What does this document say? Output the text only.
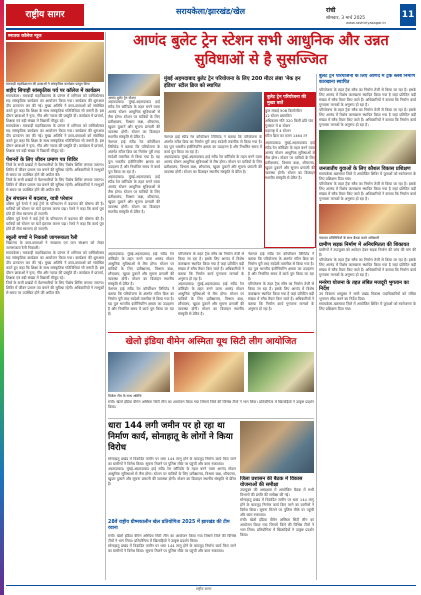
राष्ट्रीय सागर	सरायकेला/झारखंड/खेल	रांची
सोमवार, 3 मार्च 2025
www.rashtriyasagar.in
11
स्नातक कॉलेज न्यूज
मारवाड़ी महाविद्यालय की छात्राओं ने सांस्कृतिक कार्यक्रम प्रस्तुत किया
शहीद सिपाही सांस्कृतिक पर्व पर कॉलेज में कार्यक्रम
सरायकेला। मारवाड़ी महाविद्यालय के प्रांगण में शनिवार को वार्षिकोत्सव सह सांस्कृतिक कार्यक्रम का आयोजन किया गया। कार्यक्रम की शुरुआत दीप प्रज्वलन कर की गई। मुख्य अतिथि ने छात्र-छात्राओं को संबोधित करते हुए कहा कि शिक्षा के साथ सांस्कृतिक गतिविधियां भी जरूरी हैं। इस दौरान छात्राओं ने नृत्य, गीत और नाटक की प्रस्तुति दी। कार्यक्रम में प्राचार्य, शिक्षक एवं बड़ी संख्या में विद्यार्थी मौजूद रहे।
सरायकेला। मारवाड़ी महाविद्यालय के प्रांगण में शनिवार को वार्षिकोत्सव सह सांस्कृतिक कार्यक्रम का आयोजन किया गया। कार्यक्रम की शुरुआत दीप प्रज्वलन कर की गई। मुख्य अतिथि ने छात्र-छात्राओं को संबोधित करते हुए कहा कि शिक्षा के साथ सांस्कृतिक गतिविधियां भी जरूरी हैं। इस दौरान छात्राओं ने नृत्य, गीत और नाटक की प्रस्तुति दी। कार्यक्रम में प्राचार्य, शिक्षक एवं बड़ी संख्या में विद्यार्थी मौजूद रहे।
पेंशनरों के लिए जीवन प्रमाण पत्र शिविर
जिले के सभी प्रखंडों में पेंशनधारियों के लिए विशेष शिविर लगाया जाएगा। शिविर में जीवन प्रमाण पत्र बनाने की सुविधा रहेगी। अधिकारियों ने लाभुकों से समय पर उपस्थित होने की अपील की।
जिले के सभी प्रखंडों में पेंशनधारियों के लिए विशेष शिविर लगाया जाएगा। शिविर में जीवन प्रमाण पत्र बनाने की सुविधा रहेगी। अधिकारियों ने लाभुकों से समय पर उपस्थित होने की अपील की।
ट्रेन संचालन में बदलाव, यात्री परेशान
दक्षिण पूर्व रेलवे ने कई ट्रेनों के परिचालन में बदलाव की घोषणा की है। यात्रियों को स्टेशन पर घंटों इंतजार करना पड़ा। रेलवे ने कहा कि कार्य पूरा होते ही सेवा सामान्य हो जाएगी।
दक्षिण पूर्व रेलवे ने कई ट्रेनों के परिचालन में बदलाव की घोषणा की है। यात्रियों को स्टेशन पर घंटों इंतजार करना पड़ा। रेलवे ने कहा कि कार्य पूरा होते ही सेवा सामान्य हो जाएगी।
स्कूली बच्चों ने निकाली जागरूकता रैली
विद्यालय के छात्र-छात्राओं ने स्वच्छता एवं जल संरक्षण को लेकर जागरूकता रैली निकाली।
सरायकेला। मारवाड़ी महाविद्यालय के प्रांगण में शनिवार को वार्षिकोत्सव सह सांस्कृतिक कार्यक्रम का आयोजन किया गया। कार्यक्रम की शुरुआत दीप प्रज्वलन कर की गई। मुख्य अतिथि ने छात्र-छात्राओं को संबोधित करते हुए कहा कि शिक्षा के साथ सांस्कृतिक गतिविधियां भी जरूरी हैं। इस दौरान छात्राओं ने नृत्य, गीत और नाटक की प्रस्तुति दी। कार्यक्रम में प्राचार्य, शिक्षक एवं बड़ी संख्या में विद्यार्थी मौजूद रहे।
जिले के सभी प्रखंडों में पेंशनधारियों के लिए विशेष शिविर लगाया जाएगा। शिविर में जीवन प्रमाण पत्र बनाने की सुविधा रहेगी। अधिकारियों ने लाभुकों से समय पर उपस्थित होने की अपील की।
आणंद बुलेट ट्रेन स्टेशन सभी आधुनिक और उन्नत सुविधाओं से है सुसज्जित
आणंद बुलेट ट्रेन स्टेशन
अहमदाबाद। मुंबई-अहमदाबाद हाई स्पीड रेल कॉरिडोर के तहत बनने वाला आणंद स्टेशन आधुनिक सुविधाओं से लैस होगा। स्टेशन पर यात्रियों के लिए प्रतीक्षालय, विश्राम कक्ष, शौचालय, खुदरा दुकानें और सूचना प्रणाली की व्यवस्था होगी। स्टेशन का डिजाइन स्थानीय संस्कृति से प्रेरित है।
नेशनल हाई स्पीड रेल कॉर्पोरेशन लिमिटेड ने बताया कि परियोजना के अंतर्गत स्टील ब्रिज का निर्माण पूरी तरह स्वदेशी तकनीक से किया गया है। यह पुल भारतीय इंजीनियरिंग क्षमता का उदाहरण है और निर्धारित समय में कार्य पूरा किया जा रहा है।
अहमदाबाद। मुंबई-अहमदाबाद हाई स्पीड रेल कॉरिडोर के तहत बनने वाला आणंद स्टेशन आधुनिक सुविधाओं से लैस होगा। स्टेशन पर यात्रियों के लिए प्रतीक्षालय, विश्राम कक्ष, शौचालय, खुदरा दुकानें और सूचना प्रणाली की व्यवस्था होगी। स्टेशन का डिजाइन स्थानीय संस्कृति से प्रेरित है।
मुंबई अहमदाबाद बुलेट ट्रेन परियोजना के लिए 200 मीटर लंबा 'मेक इन इंडिया' स्टील ब्रिज को स्थापित
नेशनल हाई स्पीड रेल कॉर्पोरेशन लिमिटेड ने बताया कि परियोजना के अंतर्गत स्टील ब्रिज का निर्माण पूरी तरह स्वदेशी तकनीक से किया गया है। यह पुल भारतीय इंजीनियरिंग क्षमता का उदाहरण है और निर्धारित समय में कार्य पूरा किया जा रहा है।
अहमदाबाद। मुंबई-अहमदाबाद हाई स्पीड रेल कॉरिडोर के तहत बनने वाला आणंद स्टेशन आधुनिक सुविधाओं से लैस होगा। स्टेशन पर यात्रियों के लिए प्रतीक्षालय, विश्राम कक्ष, शौचालय, खुदरा दुकानें और सूचना प्रणाली की व्यवस्था होगी। स्टेशन का डिजाइन स्थानीय संस्कृति से प्रेरित है।
बुलेट ट्रेन परियोजना की मुख्य बातें
कुल लंबाई 508 किलोमीटर
12 स्टेशन प्रस्तावित
अधिकतम गति 320 किमी प्रति घंटा
गुजरात में 8 स्टेशन
महाराष्ट्र में 4 स्टेशन
स्टील ब्रिज का वजन 1464 टन
अहमदाबाद। मुंबई-अहमदाबाद हाई स्पीड रेल कॉरिडोर के तहत बनने वाला आणंद स्टेशन आधुनिक सुविधाओं से लैस होगा। स्टेशन पर यात्रियों के लिए प्रतीक्षालय, विश्राम कक्ष, शौचालय, खुदरा दुकानें और सूचना प्रणाली की व्यवस्था होगी। स्टेशन का डिजाइन स्थानीय संस्कृति से प्रेरित है।
बुलेट ट्रेन परियोजना के लिए आणंद में ट्रैक स्लैब निर्माण कारखाना स्थापित
परियोजना के तहत ट्रैक स्लैब का निर्माण तेजी से किया जा रहा है। इसके लिए आणंद में विशेष कारखाना स्थापित किया गया है जहां प्रतिदिन बड़ी संख्या में स्लैब तैयार किए जाते हैं। अधिकारियों ने बताया कि निर्माण कार्य गुणवत्ता मानकों के अनुरूप हो रहा है।
परियोजना के तहत ट्रैक स्लैब का निर्माण तेजी से किया जा रहा है। इसके लिए आणंद में विशेष कारखाना स्थापित किया गया है जहां प्रतिदिन बड़ी संख्या में स्लैब तैयार किए जाते हैं। अधिकारियों ने बताया कि निर्माण कार्य गुणवत्ता मानकों के अनुरूप हो रहा है।
जनजातीय युवाओं के लिए कौशल विकास प्रशिक्षण
सरायकेला-खरसावां जिले में आयोजित शिविर में युवाओं को स्वरोजगार के लिए प्रशिक्षण दिया गया।
परियोजना के तहत ट्रैक स्लैब का निर्माण तेजी से किया जा रहा है। इसके लिए आणंद में विशेष कारखाना स्थापित किया गया है जहां प्रतिदिन बड़ी संख्या में स्लैब तैयार किए जाते हैं। अधिकारियों ने बताया कि निर्माण कार्य गुणवत्ता मानकों के अनुरूप हो रहा है।
पंचायत प्रतिनिधियों के साथ बैठक करते अधिकारी
ग्रामीण सड़क निर्माण में अनियमितता की शिकायत
ग्रामीणों ने उपायुक्त को आवेदन देकर सड़क निर्माण की जांच की मांग की है।
परियोजना के तहत ट्रैक स्लैब का निर्माण तेजी से किया जा रहा है। इसके लिए आणंद में विशेष कारखाना स्थापित किया गया है जहां प्रतिदिन बड़ी संख्या में स्लैब तैयार किए जाते हैं। अधिकारियों ने बताया कि निर्माण कार्य गुणवत्ता मानकों के अनुरूप हो रहा है।
मनरेगा योजना के तहत लंबित मजदूरी भुगतान का निर्देश
उप विकास आयुक्त ने सभी प्रखंड विकास पदाधिकारियों को लंबित भुगतान शीघ्र करने का निर्देश दिया।
सरायकेला-खरसावां जिले में आयोजित शिविर में युवाओं को स्वरोजगार के लिए प्रशिक्षण दिया गया।
अहमदाबाद। मुंबई-अहमदाबाद हाई स्पीड रेल कॉरिडोर के तहत बनने वाला आणंद स्टेशन आधुनिक सुविधाओं से लैस होगा। स्टेशन पर यात्रियों के लिए प्रतीक्षालय, विश्राम कक्ष, शौचालय, खुदरा दुकानें और सूचना प्रणाली की व्यवस्था होगी। स्टेशन का डिजाइन स्थानीय संस्कृति से प्रेरित है।
नेशनल हाई स्पीड रेल कॉर्पोरेशन लिमिटेड ने बताया कि परियोजना के अंतर्गत स्टील ब्रिज का निर्माण पूरी तरह स्वदेशी तकनीक से किया गया है। यह पुल भारतीय इंजीनियरिंग क्षमता का उदाहरण है और निर्धारित समय में कार्य पूरा किया जा रहा है।
परियोजना के तहत ट्रैक स्लैब का निर्माण तेजी से किया जा रहा है। इसके लिए आणंद में विशेष कारखाना स्थापित किया गया है जहां प्रतिदिन बड़ी संख्या में स्लैब तैयार किए जाते हैं। अधिकारियों ने बताया कि निर्माण कार्य गुणवत्ता मानकों के अनुरूप हो रहा है।
अहमदाबाद। मुंबई-अहमदाबाद हाई स्पीड रेल कॉरिडोर के तहत बनने वाला आणंद स्टेशन आधुनिक सुविधाओं से लैस होगा। स्टेशन पर यात्रियों के लिए प्रतीक्षालय, विश्राम कक्ष, शौचालय, खुदरा दुकानें और सूचना प्रणाली की व्यवस्था होगी। स्टेशन का डिजाइन स्थानीय संस्कृति से प्रेरित है।
नेशनल हाई स्पीड रेल कॉर्पोरेशन लिमिटेड ने बताया कि परियोजना के अंतर्गत स्टील ब्रिज का निर्माण पूरी तरह स्वदेशी तकनीक से किया गया है। यह पुल भारतीय इंजीनियरिंग क्षमता का उदाहरण है और निर्धारित समय में कार्य पूरा किया जा रहा है।
परियोजना के तहत ट्रैक स्लैब का निर्माण तेजी से किया जा रहा है। इसके लिए आणंद में विशेष कारखाना स्थापित किया गया है जहां प्रतिदिन बड़ी संख्या में स्लैब तैयार किए जाते हैं। अधिकारियों ने बताया कि निर्माण कार्य गुणवत्ता मानकों के अनुरूप हो रहा है।
खेलो इंडिया वीमेन अस्मिता यूथ सिटी लीग आयोजित
विजेता टीम के साथ अतिथि
रांची। खेलो इंडिया वीमेन अस्मिता सिटी लीग का आयोजन किया गया जिसमें जिले की विभिन्न टीमों ने भाग लिया। प्रतियोगिता में खिलाड़ियों ने उत्कृष्ट प्रदर्शन किया।
धारा 144 लगी जमीन पर हो रहा था निर्माण कार्य, सोनाहातू के लोगों ने किया विरोध
सोनाहातू प्रखंड में विवादित जमीन पर धारा 144 लागू होने के बावजूद निर्माण कार्य किए जाने का ग्रामीणों ने विरोध किया। सूचना मिलने पर पुलिस मौके पर पहुंची और काम रुकवाया।
अहमदाबाद। मुंबई-अहमदाबाद हाई स्पीड रेल कॉरिडोर के तहत बनने वाला आणंद स्टेशन आधुनिक सुविधाओं से लैस होगा। स्टेशन पर यात्रियों के लिए प्रतीक्षालय, विश्राम कक्ष, शौचालय, खुदरा दुकानें और सूचना प्रणाली की व्यवस्था होगी। स्टेशन का डिजाइन स्थानीय संस्कृति से प्रेरित है।
जिला प्रशासन की बैठक में विकास योजनाओं की समीक्षा
उपायुक्त की अध्यक्षता में आयोजित बैठक में सभी विभागों की प्रगति की समीक्षा की गई।
सोनाहातू प्रखंड में विवादित जमीन पर धारा 144 लागू होने के बावजूद निर्माण कार्य किए जाने का ग्रामीणों ने विरोध किया। सूचना मिलने पर पुलिस मौके पर पहुंची और काम रुकवाया।
रांची। खेलो इंडिया वीमेन अस्मिता सिटी लीग का आयोजन किया गया जिसमें जिले की विभिन्न टीमों ने भाग लिया। प्रतियोगिता में खिलाड़ियों ने उत्कृष्ट प्रदर्शन किया।
28वें राष्ट्रीय ग्रीष्मकालीन खेल प्रतियोगिता 2025 में झारखंड की टीम रवाना
रांची। खेलो इंडिया वीमेन अस्मिता सिटी लीग का आयोजन किया गया जिसमें जिले की विभिन्न टीमों ने भाग लिया। प्रतियोगिता में खिलाड़ियों ने उत्कृष्ट प्रदर्शन किया।
सोनाहातू प्रखंड में विवादित जमीन पर धारा 144 लागू होने के बावजूद निर्माण कार्य किए जाने का ग्रामीणों ने विरोध किया। सूचना मिलने पर पुलिस मौके पर पहुंची और काम रुकवाया।
राष्ट्रीय सागर
